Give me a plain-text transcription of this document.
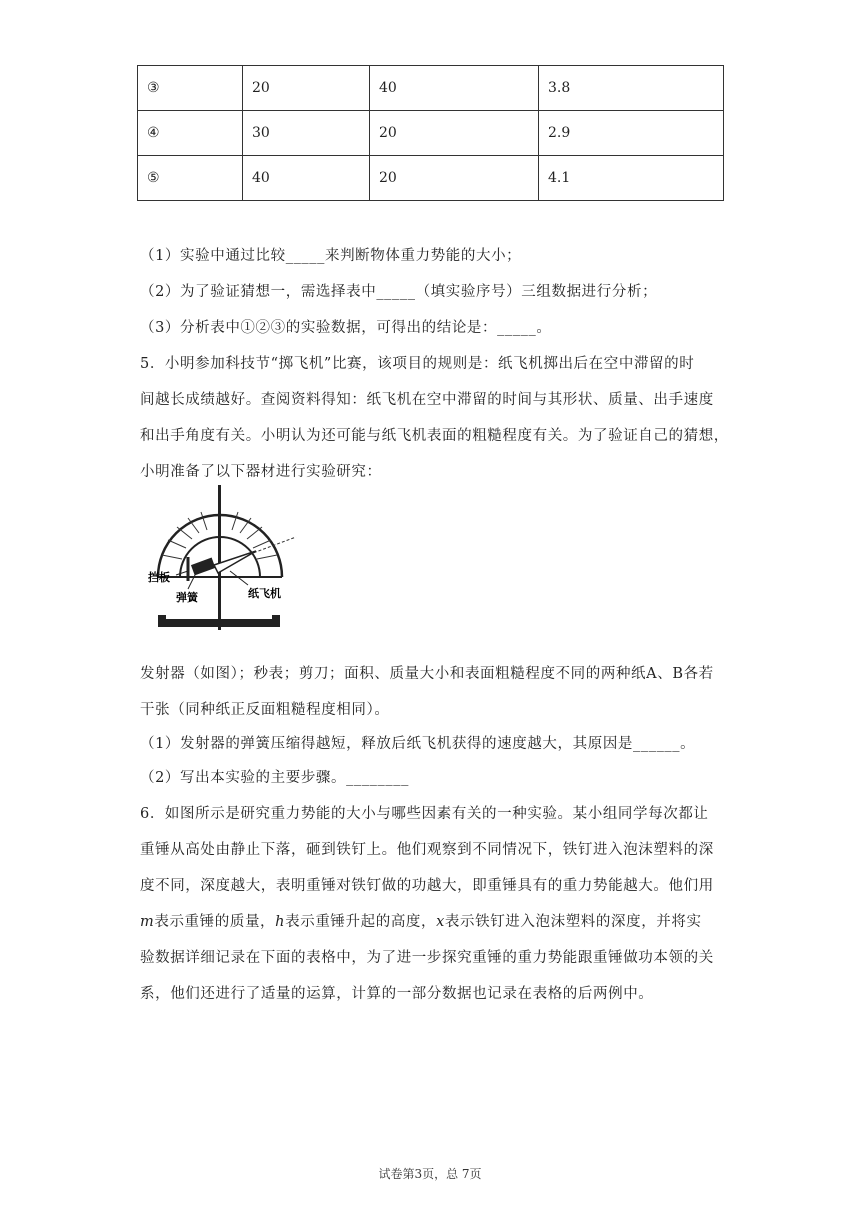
③	20	40	3.8
④	30	20	2.9
⑤	40	20	4.1
（1）实验中通过比较_____来判断物体重力势能的大小；
（2）为了验证猜想一，需选择表中_____（填实验序号）三组数据进行分析；
（3）分析表中①②③的实验数据，可得出的结论是：_____。
5．小明参加科技节“掷飞机”比赛，该项目的规则是：纸飞机掷出后在空中滞留的时
间越长成绩越好。查阅资料得知：纸飞机在空中滞留的时间与其形状、质量、出手速度
和出手角度有关。小明认为还可能与纸飞机表面的粗糙程度有关。为了验证自己的猜想，
小明准备了以下器材进行实验研究：
挡板
弹簧	纸飞机
发射器（如图）；秒表；剪刀；面积、质量大小和表面粗糙程度不同的两种纸A、B各若
干张（同种纸正反面粗糙程度相同）。
（1）发射器的弹簧压缩得越短，释放后纸飞机获得的速度越大，其原因是______。
（2）写出本实验的主要步骤。________
6．如图所示是研究重力势能的大小与哪些因素有关的一种实验。某小组同学每次都让
重锤从高处由静止下落，砸到铁钉上。他们观察到不同情况下，铁钉进入泡沫塑料的深
度不同，深度越大，表明重锤对铁钉做的功越大，即重锤具有的重力势能越大。他们用
m表示重锤的质量，h表示重锤升起的高度，x表示铁钉进入泡沫塑料的深度，并将实
验数据详细记录在下面的表格中，为了进一步探究重锤的重力势能跟重锤做功本领的关
系，他们还进行了适量的运算，计算的一部分数据也记录在表格的后两例中。
试卷第3页，总 7页
